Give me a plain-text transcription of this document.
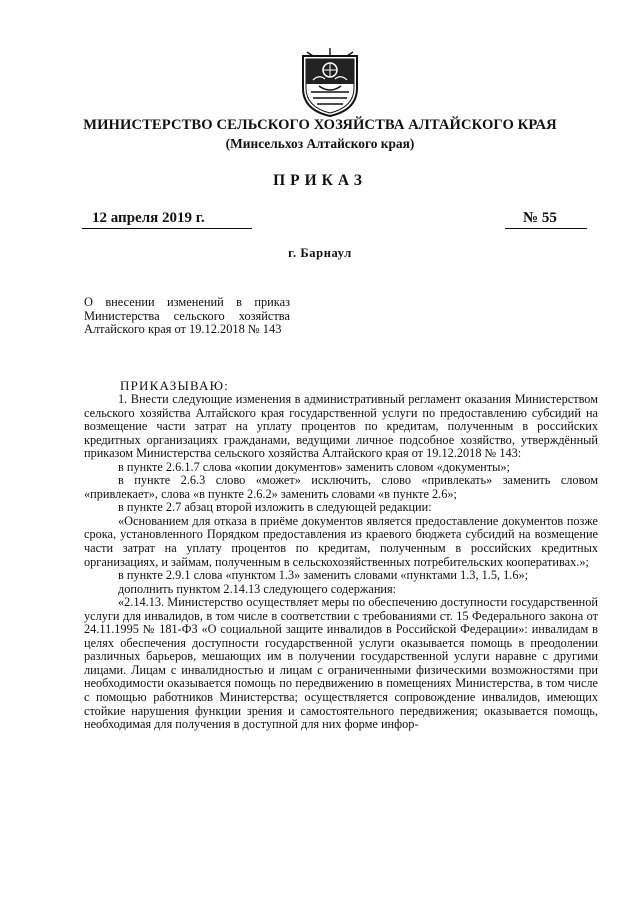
МИНИСТЕРСТВО СЕЛЬСКОГО ХОЗЯЙСТВА АЛТАЙСКОГО КРАЯ
(Минсельхоз Алтайского края)
ПРИКАЗ
12 апреля 2019 г.	№ 55
г. Барнаул
О внесении изменений в приказ Министерства сельского хозяйства Алтайского края от 19.12.2018 № 143
ПРИКАЗЫВАЮ:

1. Внести следующие изменения в административный регламент оказания Министерством сельского хозяйства Алтайского края государственной услуги по предоставлению субсидий на возмещение части затрат на уплату процентов по кредитам, полученным в российских кредитных организациях гражданами, ведущими личное подсобное хозяйство, утверждённый приказом Министерства сельского хозяйства Алтайского края от 19.12.2018 № 143:

в пункте 2.6.1.7 слова «копии документов» заменить словом «документы»;

в пункте 2.6.3 слово «может» исключить, слово «привлекать» заменить словом «привлекает», слова «в пункте 2.6.2» заменить словами «в пункте 2.6»;

в пункте 2.7 абзац второй изложить в следующей редакции:

«Основанием для отказа в приёме документов является предоставление документов позже срока, установленного Порядком предоставления из краевого бюджета субсидий на возмещение части затрат на уплату процентов по кредитам, полученным в российских кредитных организациях, и займам, полученным в сельскохозяйственных потребительских кооперативах.»;

в пункте 2.9.1 слова «пунктом 1.3» заменить словами «пунктами 1.3, 1.5, 1.6»;

дополнить пунктом 2.14.13 следующего содержания:

«2.14.13. Министерство осуществляет меры по обеспечению доступности государственной услуги для инвалидов, в том числе в соответствии с требованиями ст. 15 Федерального закона от 24.11.1995 № 181-ФЗ «О социальной защите инвалидов в Российской Федерации»: инвалидам в целях обеспечения доступности государственной услуги оказывается помощь в преодолении различных барьеров, мешающих им в получении государственной услуги наравне с другими лицами. Лицам с инвалидностью и лицам с ограниченными физическими возможностями при необходимости оказывается помощь по передвижению в помещениях Министерства, в том числе с помощью работников Министерства; осуществляется сопровождение инвалидов, имеющих стойкие нарушения функции зрения и самостоятельного передвижения; оказывается помощь, необходимая для получения в доступной для них форме инфор-
